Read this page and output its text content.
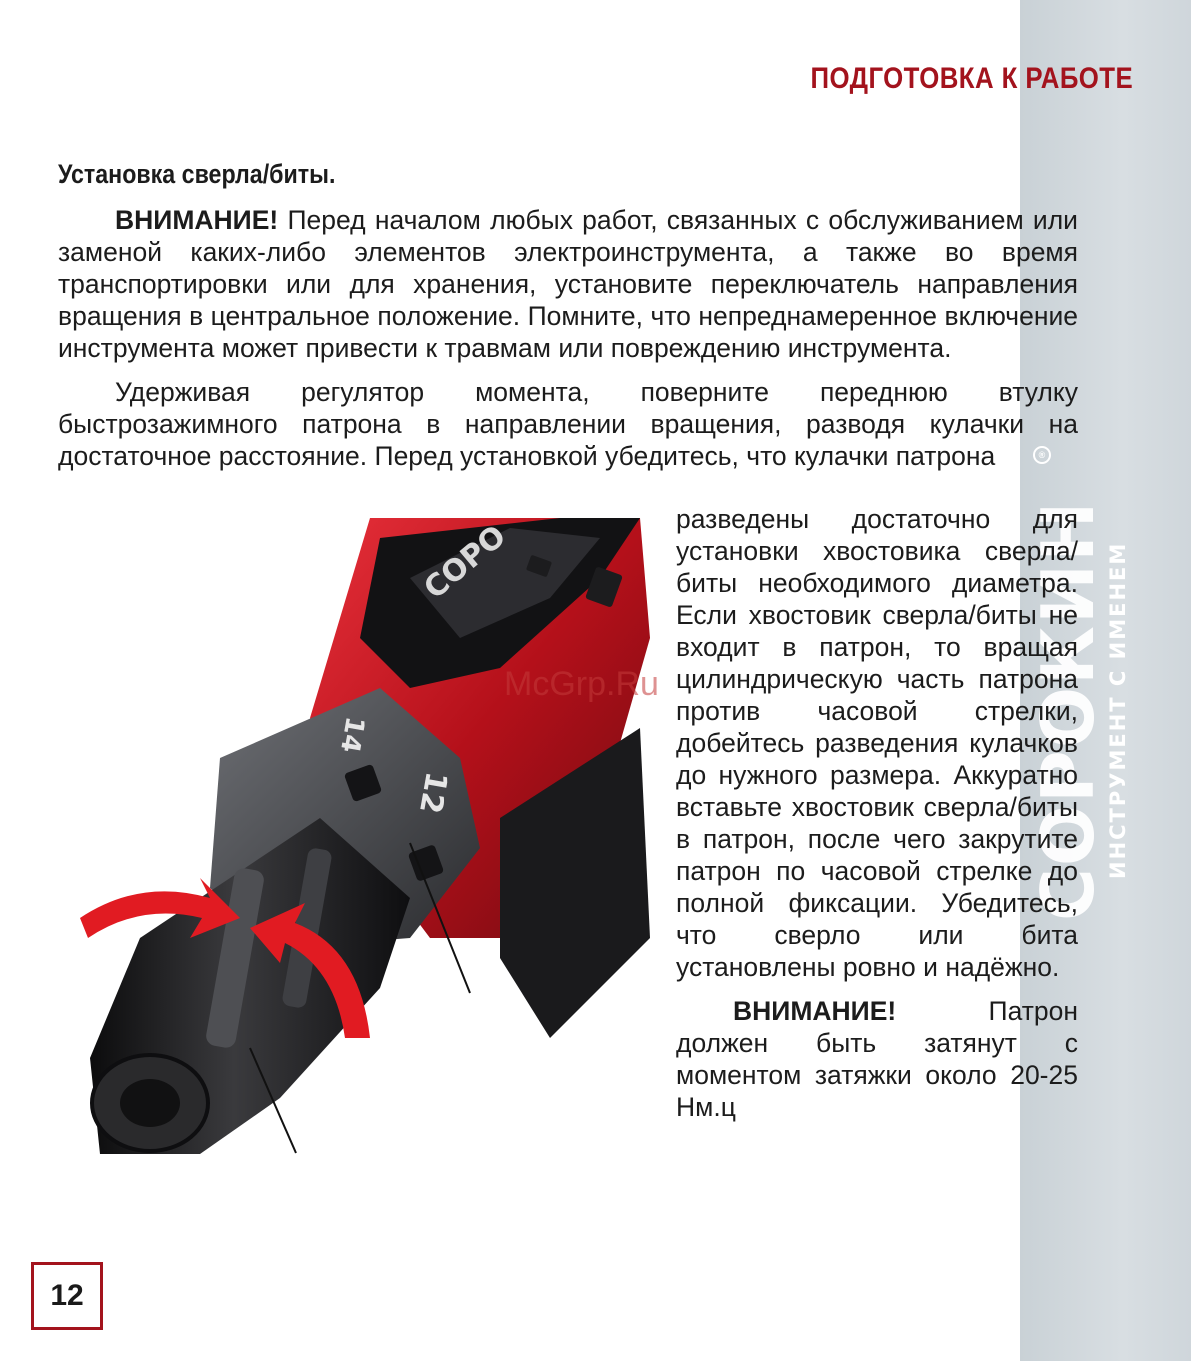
®
СОРОКИН
ИНСТРУМЕНТ С ИМЕНЕМ
ПОДГОТОВКА К РАБОТЕ
Установка сверла/биты.

ВНИМАНИЕ! Перед началом любых работ, связанных с обслуживанием или заменой каких-либо элементов электроинструмента, а также во время транспортировки или для хранения, установите переключатель направления вращения в центральное положение. Помните, что непреднамеренное включение инструмента может привести к травмам или повреждению инструмента.

Удерживая регулятор момента, поверните переднюю втулку быстрозажимного патрона в направлении вращения, разводя кулачки на достаточное расстояние. Перед установкой убедитесь, что кулачки патрона

СОРО
14
12

разведены достаточно для установки хвостовика сверла/биты необходимого диаметра. Если хвостовик сверла/биты не входит в патрон, то вращая цилиндрическую часть патрона против часовой стрелки, добейтесь разведения кулачков до нужного размера. Аккуратно вставьте хвостовик сверла/биты в патрон, после чего закрутите патрон по часовой стрелке до полной фиксации. Убедитесь, что сверло или бита установлены ровно и надёжно.

ВНИМАНИЕ! Патрон должен быть затянут с моментом затяжки около 20-25 Нм.ц

McGrp.Ru
12
